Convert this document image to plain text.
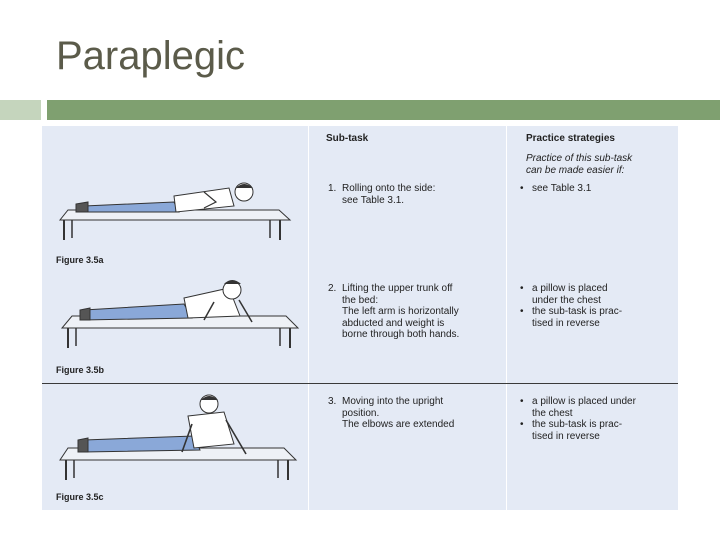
Paraplegic
Sub-task	Practice strategies
Practice of this sub-task
can be made easier if:
1. Rolling onto the side:
see Table 3.1.
• see Table 3.1
Figure 3.5a
2. Lifting the upper trunk off
the bed:
The left arm is horizontally
abducted and weight is
borne through both hands.
• a pillow is placed
under the chest
• the sub-task is prac-
tised in reverse
Figure 3.5b
3. Moving into the upright
position.
The elbows are extended
• a pillow is placed under
the chest
• the sub-task is prac-
tised in reverse
Figure 3.5c
